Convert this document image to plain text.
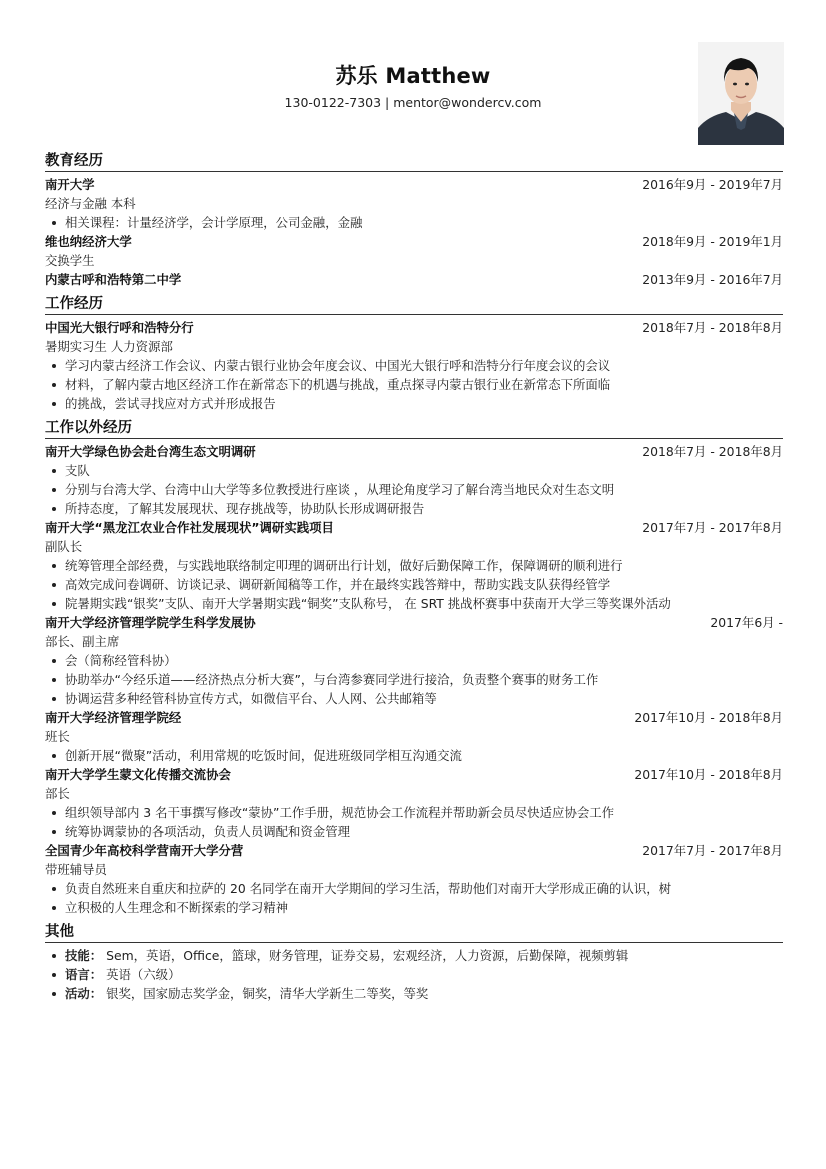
苏乐 Matthew
130-0122-7303 | mentor@wondercv.com
教育经历
南开大学	2016年9月 - 2019年7月
经济与金融 本科
相关课程：计量经济学，会计学原理，公司金融，金融
维也纳经济大学	2018年9月 - 2019年1月
交换学生
内蒙古呼和浩特第二中学	2013年9月 - 2016年7月
工作经历
中国光大银行呼和浩特分行	2018年7月 - 2018年8月
暑期实习生 人力资源部
学习内蒙古经济工作会议、内蒙古银行业协会年度会议、中国光大银行呼和浩特分行年度会议的会议
材料，了解内蒙古地区经济工作在新常态下的机遇与挑战，重点探寻内蒙古银行业在新常态下所面临
的挑战，尝试寻找应对方式并形成报告
工作以外经历
南开大学绿色协会赴台湾生态文明调研	2018年7月 - 2018年8月
支队
分别与台湾大学、台湾中山大学等多位教授进行座谈 ，从理论角度学习了解台湾当地民众对生态文明
所持态度，了解其发展现状、现存挑战等，协助队长形成调研报告
南开大学“黑龙江农业合作社发展现状”调研实践项目	2017年7月 - 2017年8月
副队长
统筹管理全部经费，与实践地联络制定叩理的调研出行计划，做好后勤保障工作，保障调研的顺利进行
高效完成问卷调研、访谈记录、调研新闻稿等工作，并在最终实践答辩中，帮助实践支队获得经管学
院暑期实践“银奖”支队、南开大学暑期实践“铜奖”支队称号， 在 SRT 挑战杯赛事中获南开大学三等奖课外活动
南开大学经济管理学院学生科学发展协	2017年6月 -
部长、副主席
会（简称经管科协）
协助举办“今经乐道——经济热点分析大赛”，与台湾参赛同学进行接洽，负责整个赛事的财务工作
协调运营多种经管科协宣传方式，如微信平台、人人网、公共邮箱等
南开大学经济管理学院经	2017年10月 - 2018年8月
班长
创新开展“微聚”活动，利用常规的吃饭时间，促进班级同学相互沟通交流
南开大学学生蒙文化传播交流协会	2017年10月 - 2018年8月
部长
组织领导部内 3 名干事撰写修改“蒙协”工作手册，规范协会工作流程并帮助新会员尽快适应协会工作
统筹协调蒙协的各项活动，负责人员调配和资金管理
全国青少年高校科学营南开大学分营	2017年7月 - 2017年8月
带班辅导员
负责自然班来自重庆和拉萨的 20 名同学在南开大学期间的学习生活，帮助他们对南开大学形成正确的认识，树
立积极的人生理念和不断探索的学习精神
其他
技能： Sem，英语，Office，篮球，财务管理，证券交易，宏观经济，人力资源，后勤保障，视频剪辑
语言： 英语（六级）
活动： 银奖，国家励志奖学金，铜奖，清华大学新生二等奖，等奖
